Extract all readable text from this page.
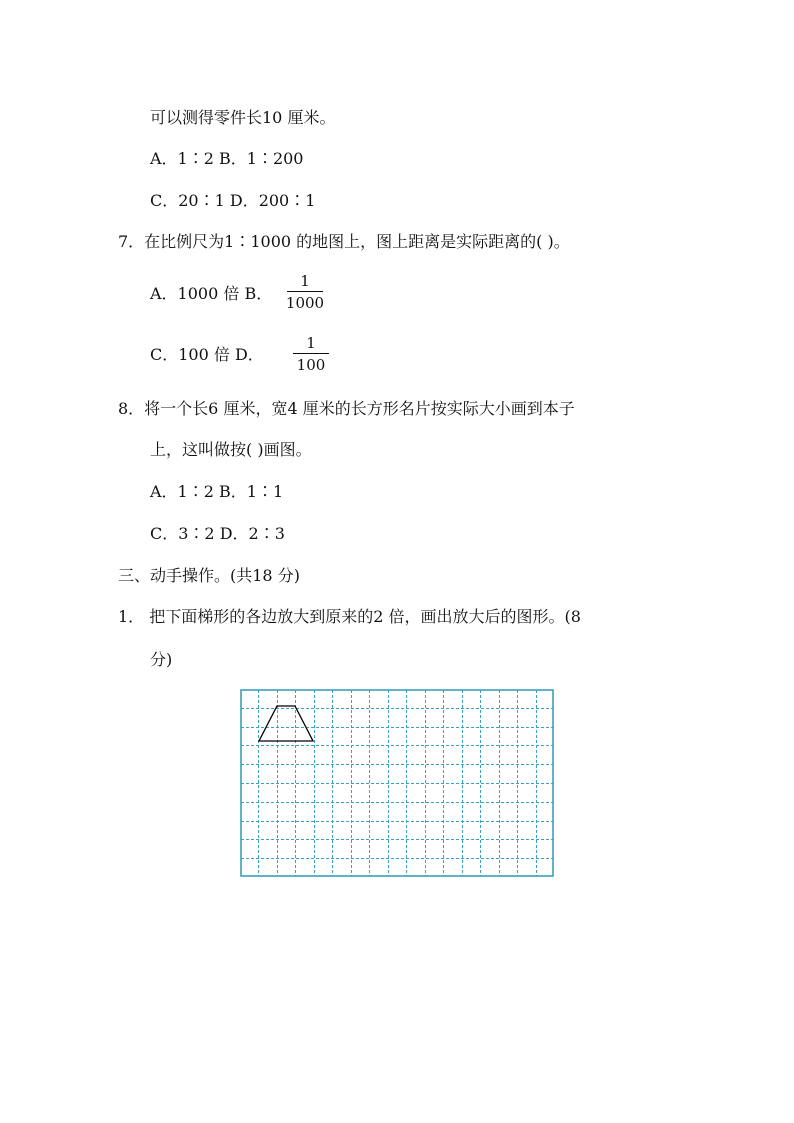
可以测得零件长10 厘米。
A．1∶2 B．1∶200
C．20∶1 D．200∶1
7．在比例尺为1∶1000 的地图上，图上距离是实际距离的( )。
A．1000 倍 B．
1
1000
C．100 倍 D．
1
100
8．将一个长6 厘米，宽4 厘米的长方形名片按实际大小画到本子
上，这叫做按( )画图。
A．1∶2 B．1∶1
C．3∶2 D．2∶3
三、动手操作。(共18 分)
1． 把下面梯形的各边放大到原来的2 倍，画出放大后的图形。(8
分)
